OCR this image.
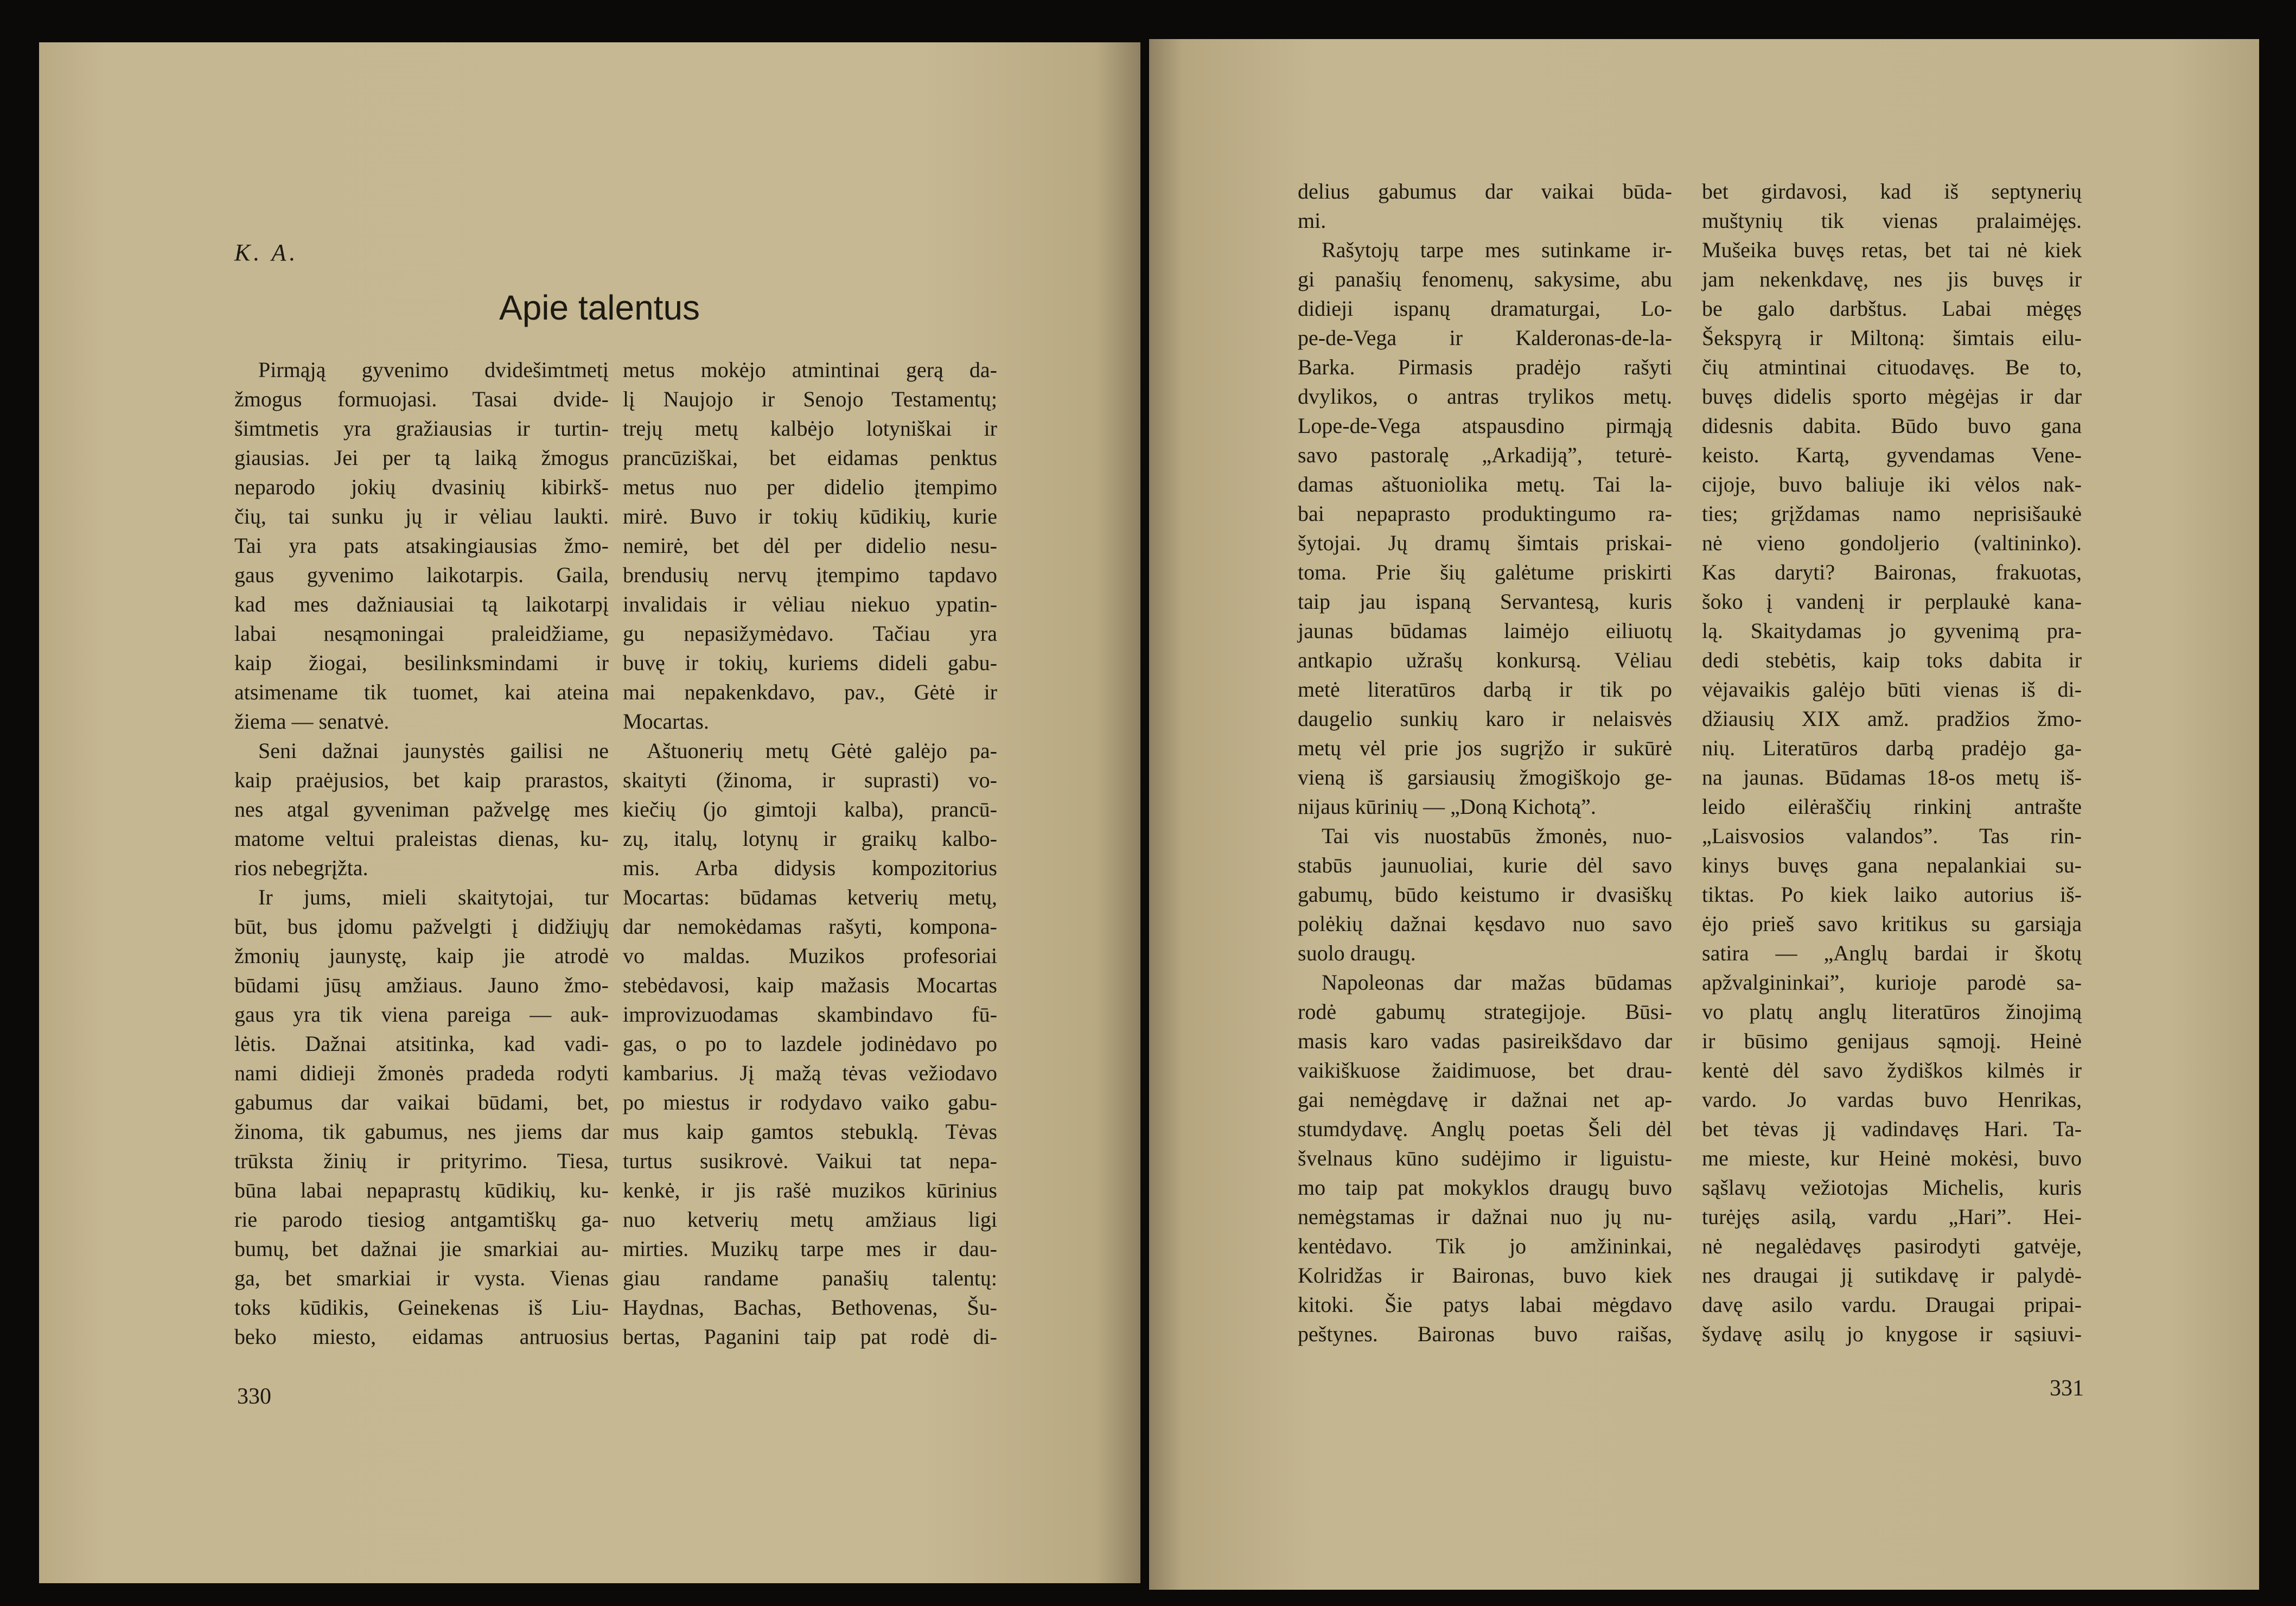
K. A.
Apie talentus
Pirmąją gyvenimo dvidešimtmetį
žmogus formuojasi. Tasai dvide-
šimtmetis yra gražiausias ir turtin-
giausias. Jei per tą laiką žmogus
neparodo jokių dvasinių kibirkš-
čių, tai sunku jų ir vėliau laukti.
Tai yra pats atsakingiausias žmo-
gaus gyvenimo laikotarpis. Gaila,
kad mes dažniausiai tą laikotarpį
labai nesąmoningai praleidžiame,
kaip žiogai, besilinksmindami ir
atsimename tik tuomet, kai ateina
žiema — senatvė.
Seni dažnai jaunystės gailisi ne
kaip praėjusios, bet kaip prarastos,
nes atgal gyveniman pažvelgę mes
matome veltui praleistas dienas, ku-
rios nebegrįžta.
Ir jums, mieli skaitytojai, tur
būt, bus įdomu pažvelgti į didžiųjų
žmonių jaunystę, kaip jie atrodė
būdami jūsų amžiaus. Jauno žmo-
gaus yra tik viena pareiga — auk-
lėtis. Dažnai atsitinka, kad vadi-
nami didieji žmonės pradeda rodyti
gabumus dar vaikai būdami, bet,
žinoma, tik gabumus, nes jiems dar
trūksta žinių ir prityrimo. Tiesa,
būna labai nepaprastų kūdikių, ku-
rie parodo tiesiog antgamtiškų ga-
bumų, bet dažnai jie smarkiai au-
ga, bet smarkiai ir vysta. Vienas
toks kūdikis, Geinekenas iš Liu-
beko miesto, eidamas antruosius
metus mokėjo atmintinai gerą da-
lį Naujojo ir Senojo Testamentų;
trejų metų kalbėjo lotyniškai ir
prancūziškai, bet eidamas penktus
metus nuo per didelio įtempimo
mirė. Buvo ir tokių kūdikių, kurie
nemirė, bet dėl per didelio nesu-
brendusių nervų įtempimo tapdavo
invalidais ir vėliau niekuo ypatin-
gu nepasižymėdavo. Tačiau yra
buvę ir tokių, kuriems dideli gabu-
mai nepakenkdavo, pav., Gėtė ir
Mocartas.
Aštuonerių metų Gėtė galėjo pa-
skaityti (žinoma, ir suprasti) vo-
kiečių (jo gimtoji kalba), prancū-
zų, italų, lotynų ir graikų kalbo-
mis. Arba didysis kompozitorius
Mocartas: būdamas ketverių metų,
dar nemokėdamas rašyti, kompona-
vo maldas. Muzikos profesoriai
stebėdavosi, kaip mažasis Mocartas
improvizuodamas skambindavo fū-
gas, o po to lazdele jodinėdavo po
kambarius. Jį mažą tėvas vežiodavo
po miestus ir rodydavo vaiko gabu-
mus kaip gamtos stebuklą. Tėvas
turtus susikrovė. Vaikui tat nepa-
kenkė, ir jis rašė muzikos kūrinius
nuo ketverių metų amžiaus ligi
mirties. Muzikų tarpe mes ir dau-
giau randame panašių talentų:
Haydnas, Bachas, Bethovenas, Šu-
bertas, Paganini taip pat rodė di-
delius gabumus dar vaikai būda-
mi.
Rašytojų tarpe mes sutinkame ir-
gi panašių fenomenų, sakysime, abu
didieji ispanų dramaturgai, Lo-
pe-de-Vega ir Kalderonas-de-la-
Barka. Pirmasis pradėjo rašyti
dvylikos, o antras trylikos metų.
Lope-de-Vega atspausdino pirmąją
savo pastoralę „Arkadiją”, teturė-
damas aštuoniolika metų. Tai la-
bai nepaprasto produktingumo ra-
šytojai. Jų dramų šimtais priskai-
toma. Prie šių galėtume priskirti
taip jau ispaną Servantesą, kuris
jaunas būdamas laimėjo eiliuotų
antkapio užrašų konkursą. Vėliau
metė literatūros darbą ir tik po
daugelio sunkių karo ir nelaisvės
metų vėl prie jos sugrįžo ir sukūrė
vieną iš garsiausių žmogiškojo ge-
nijaus kūrinių — „Doną Kichotą”.
Tai vis nuostabūs žmonės, nuo-
stabūs jaunuoliai, kurie dėl savo
gabumų, būdo keistumo ir dvasiškų
polėkių dažnai kęsdavo nuo savo
suolo draugų.
Napoleonas dar mažas būdamas
rodė gabumų strategijoje. Būsi-
masis karo vadas pasireikšdavo dar
vaikiškuose žaidimuose, bet drau-
gai nemėgdavę ir dažnai net ap-
stumdydavę. Anglų poetas Šeli dėl
švelnaus kūno sudėjimo ir liguistu-
mo taip pat mokyklos draugų buvo
nemėgstamas ir dažnai nuo jų nu-
kentėdavo. Tik jo amžininkai,
Kolridžas ir Baironas, buvo kiek
kitoki. Šie patys labai mėgdavo
peštynes. Baironas buvo raišas,
bet girdavosi, kad iš septynerių
muštynių tik vienas pralaimėjęs.
Mušeika buvęs retas, bet tai nė kiek
jam nekenkdavę, nes jis buvęs ir
be galo darbštus. Labai mėgęs
Šekspyrą ir Miltoną: šimtais eilu-
čių atmintinai cituodavęs. Be to,
buvęs didelis sporto mėgėjas ir dar
didesnis dabita. Būdo buvo gana
keisto. Kartą, gyvendamas Vene-
cijoje, buvo baliuje iki vėlos nak-
ties; grįždamas namo neprisišaukė
nė vieno gondoljerio (valtininko).
Kas daryti? Baironas, frakuotas,
šoko į vandenį ir perplaukė kana-
lą. Skaitydamas jo gyvenimą pra-
dedi stebėtis, kaip toks dabita ir
vėjavaikis galėjo būti vienas iš di-
džiausių XIX amž. pradžios žmo-
nių. Literatūros darbą pradėjo ga-
na jaunas. Būdamas 18-os metų iš-
leido eilėraščių rinkinį antrašte
„Laisvosios valandos”. Tas rin-
kinys buvęs gana nepalankiai su-
tiktas. Po kiek laiko autorius iš-
ėjo prieš savo kritikus su garsiąja
satira — „Anglų bardai ir škotų
apžvalgininkai”, kurioje parodė sa-
vo platų anglų literatūros žinojimą
ir būsimo genijaus sąmojį. Heinė
kentė dėl savo žydiškos kilmės ir
vardo. Jo vardas buvo Henrikas,
bet tėvas jį vadindavęs Hari. Ta-
me mieste, kur Heinė mokėsi, buvo
sąšlavų vežiotojas Michelis, kuris
turėjęs asilą, vardu „Hari”. Hei-
nė negalėdavęs pasirodyti gatvėje,
nes draugai jį sutikdavę ir palydė-
davę asilo vardu. Draugai pripai-
šydavę asilų jo knygose ir sąsiuvi-
330	331
